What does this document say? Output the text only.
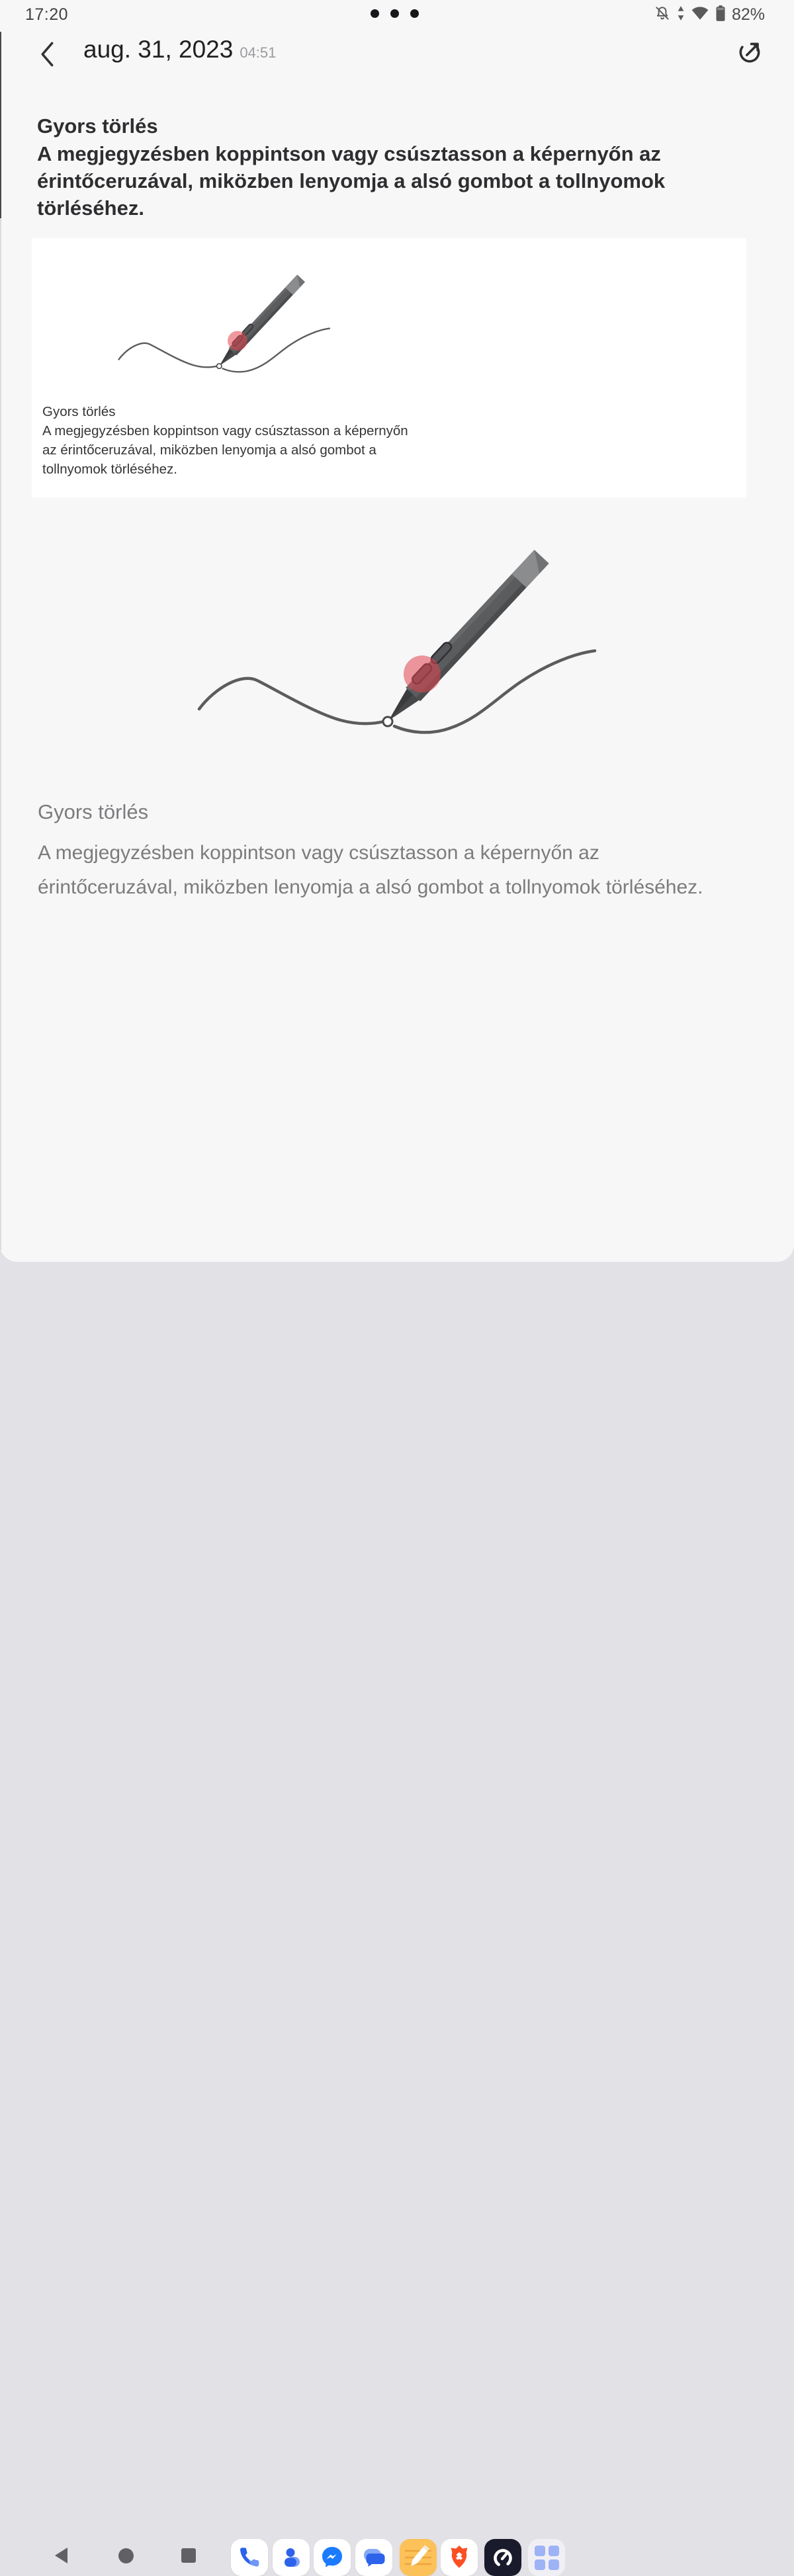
17:20	82%
aug. 31, 2023 04:51
Gyors törlés
A megjegyzésben koppintson vagy csúsztasson a képernyőn az
érintőceruzával, miközben lenyomja a alsó gombot a tollnyomok
törléséhez.
Gyors törlés
A megjegyzésben koppintson vagy csúsztasson a képernyőn
az érintőceruzával, miközben lenyomja a alsó gombot a
tollnyomok törléséhez.
Gyors törlés
A megjegyzésben koppintson vagy csúsztasson a képernyőn az
érintőceruzával, miközben lenyomja a alsó gombot a tollnyomok törléséhez.
